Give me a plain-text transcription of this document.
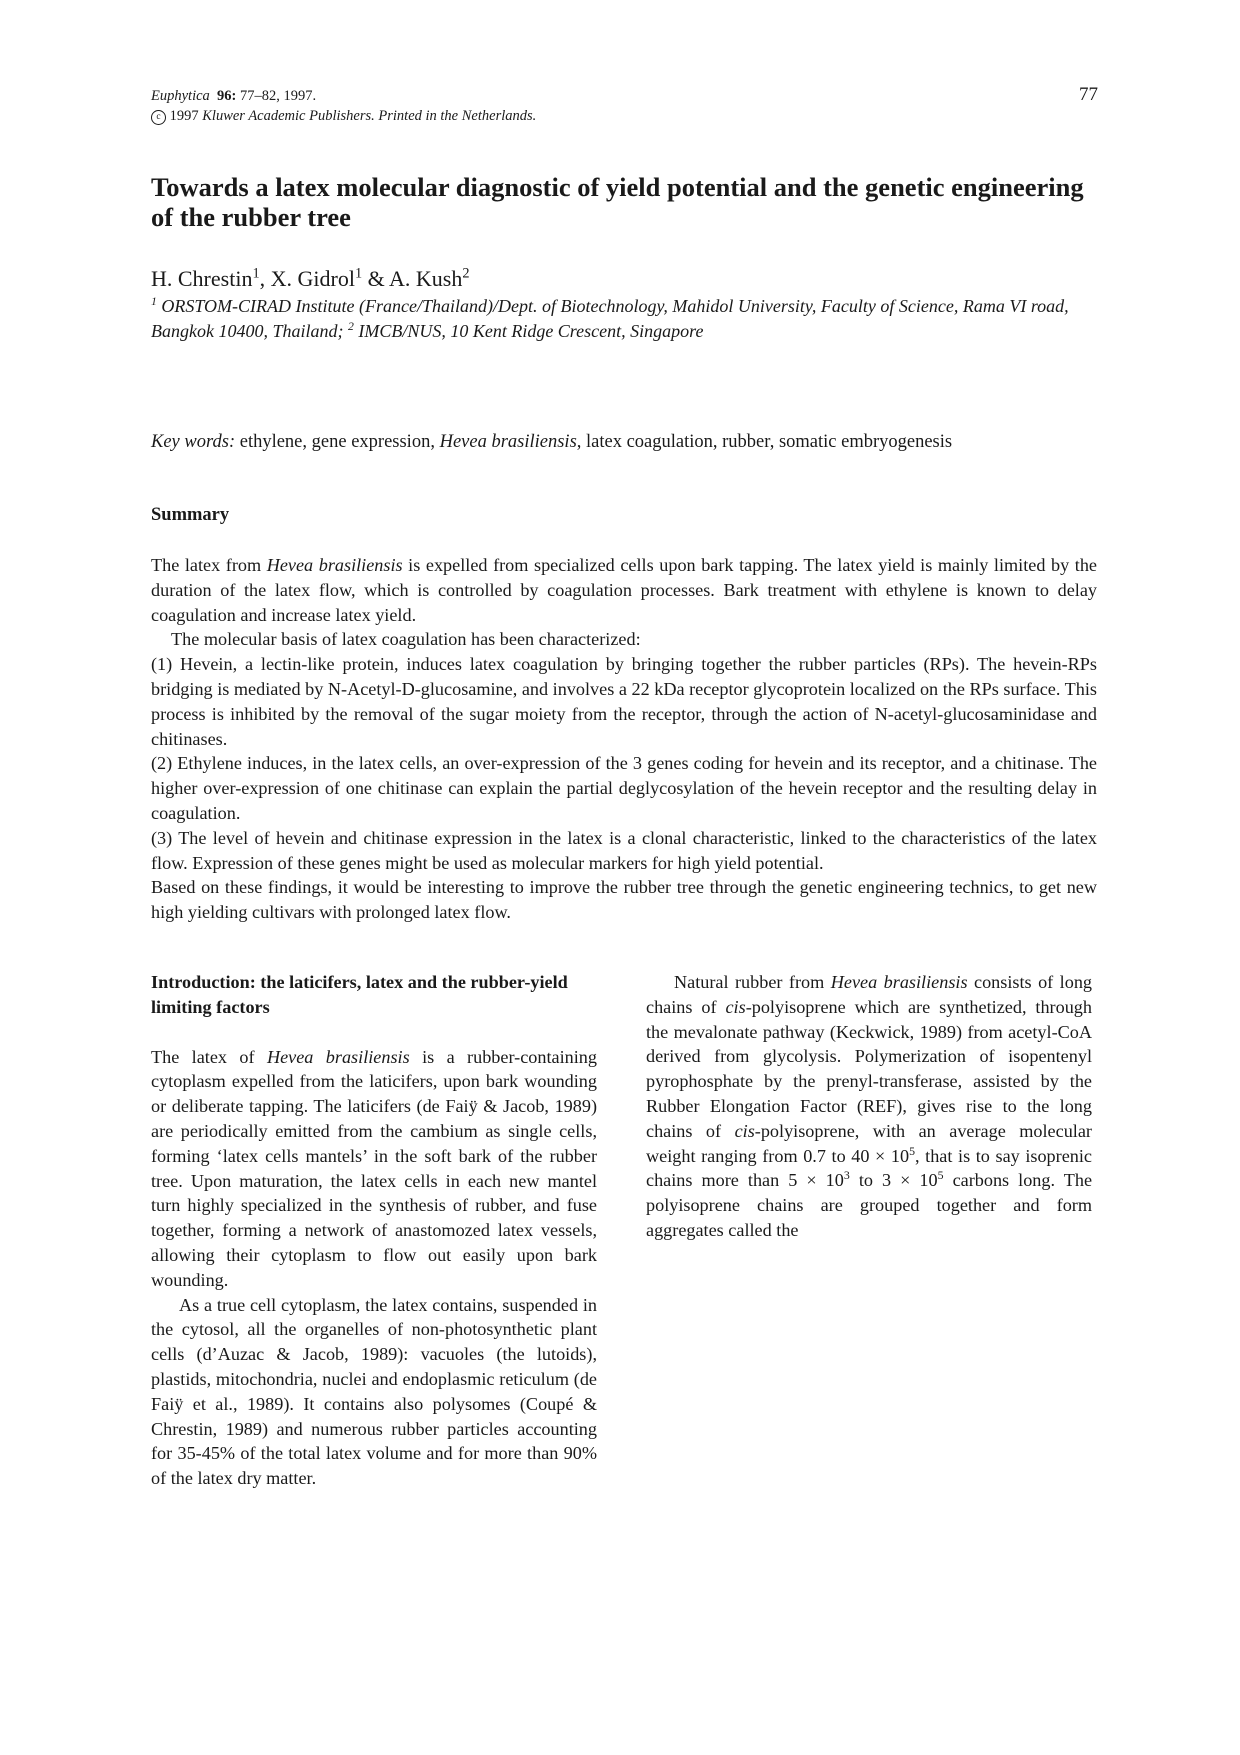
Euphytica 96: 77–82, 1997.
c 1997 Kluwer Academic Publishers. Printed in the Netherlands.
77
Towards a latex molecular diagnostic of yield potential and the genetic engineering of the rubber tree
H. Chrestin$^1$, X. Gidrol$^1$ & A. Kush$^2$
$^1$ ORSTOM-CIRAD Institute (France/Thailand)/Dept. of Biotechnology, Mahidol University, Faculty of Science, Rama VI road, Bangkok 10400, Thailand; $^2$ IMCB/NUS, 10 Kent Ridge Crescent, Singapore
Key words: ethylene, gene expression, Hevea brasiliensis, latex coagulation, rubber, somatic embryogenesis
Summary

The latex from Hevea brasiliensis is expelled from specialized cells upon bark tapping. The latex yield is mainly limited by the duration of the latex flow, which is controlled by coagulation processes. Bark treatment with ethylene is known to delay coagulation and increase latex yield.

The molecular basis of latex coagulation has been characterized:

(1) Hevein, a lectin-like protein, induces latex coagulation by bringing together the rubber particles (RPs). The hevein-RPs bridging is mediated by N-Acetyl-D-glucosamine, and involves a 22 kDa receptor glycoprotein localized on the RPs surface. This process is inhibited by the removal of the sugar moiety from the receptor, through the action of N-acetyl-glucosaminidase and chitinases.

(2) Ethylene induces, in the latex cells, an over-expression of the 3 genes coding for hevein and its receptor, and a chitinase. The higher over-expression of one chitinase can explain the partial deglycosylation of the hevein receptor and the resulting delay in coagulation.

(3) The level of hevein and chitinase expression in the latex is a clonal characteristic, linked to the characteristics of the latex flow. Expression of these genes might be used as molecular markers for high yield potential.

Based on these findings, it would be interesting to improve the rubber tree through the genetic engineering technics, to get new high yielding cultivars with prolonged latex flow.

Introduction: the laticifers, latex and the rubber-yield limiting factors

The latex of Hevea brasiliensis is a rubber-containing cytoplasm expelled from the laticifers, upon bark wounding or deliberate tapping. The laticifers (de Faiÿ & Jacob, 1989) are periodically emitted from the cambium as single cells, forming ‘latex cells mantels’ in the soft bark of the rubber tree. Upon maturation, the latex cells in each new mantel turn highly specialized in the synthesis of rubber, and fuse together, forming a network of anastomozed latex vessels, allowing their cytoplasm to flow out easily upon bark wounding.

As a true cell cytoplasm, the latex contains, suspended in the cytosol, all the organelles of non-photosynthetic plant cells (d’Auzac & Jacob, 1989): vacuoles (the lutoids), plastids, mitochondria, nuclei and endoplasmic reticulum (de Faiÿ et al., 1989). It contains also polysomes (Coupé & Chrestin, 1989) and numerous rubber particles accounting for 35-45% of the total latex volume and for more than 90% of the latex dry matter.

Natural rubber from Hevea brasiliensis consists of long chains of cis-polyisoprene which are synthetized, through the mevalonate pathway (Keckwick, 1989) from acetyl-CoA derived from glycolysis. Polymerization of isopentenyl pyrophosphate by the prenyl-transferase, assisted by the Rubber Elongation Factor (REF), gives rise to the long chains of cis-polyisoprene, with an average molecular weight ranging from 0.7 to $40 \times 10^5$, that is to say isoprenic chains more than $5 \times 10^3$ to $3 \times 10^5$ carbons long. The polyisoprene chains are grouped together and form aggregates called the
